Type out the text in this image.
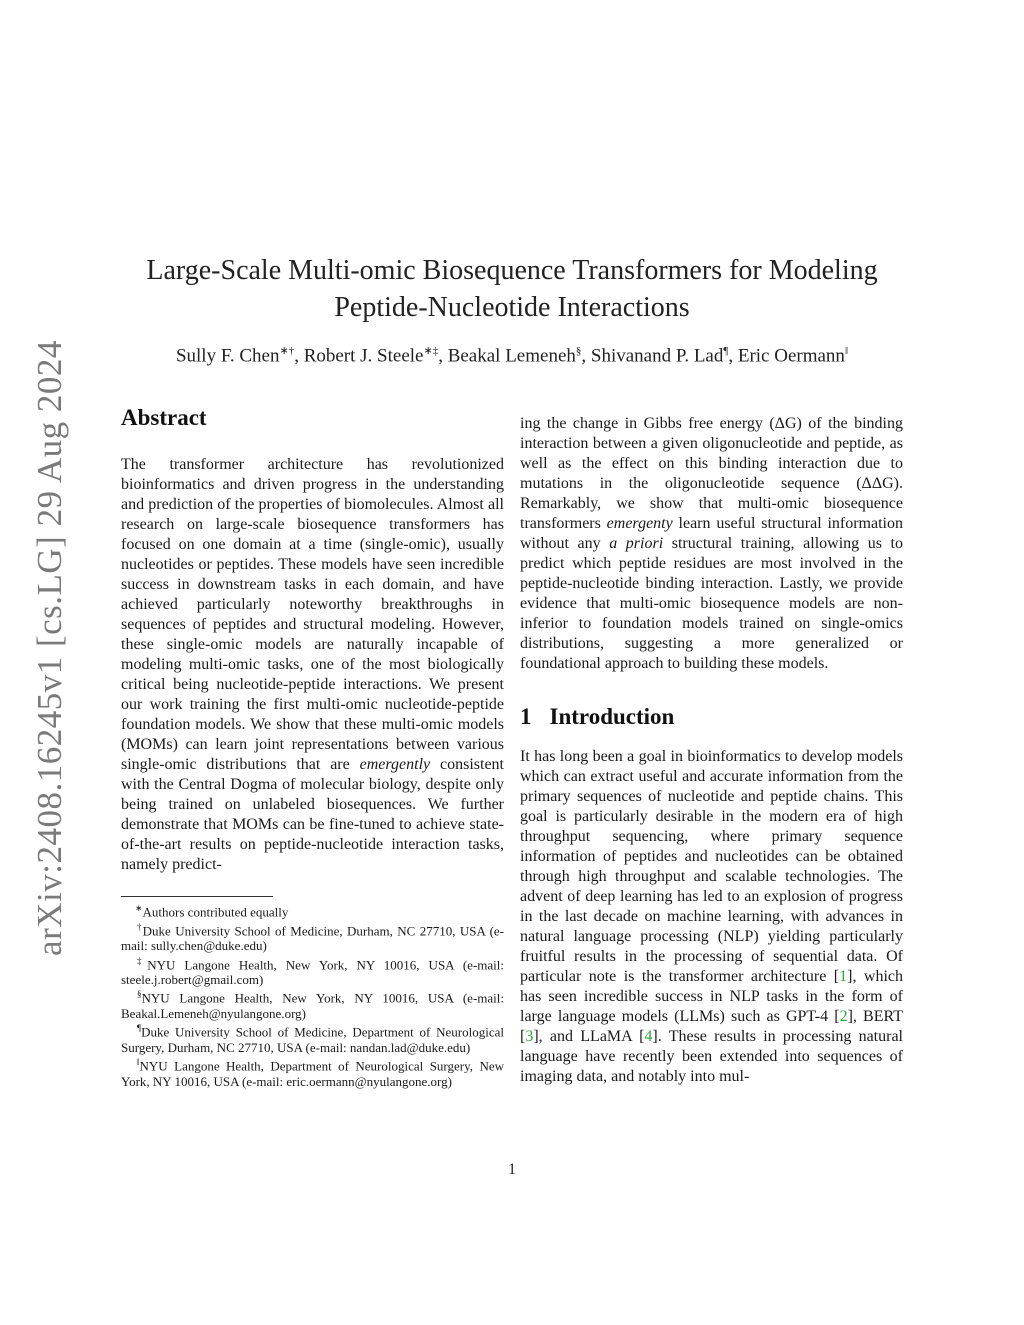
arXiv:2408.16245v1 [cs.LG] 29 Aug 2024
Large-Scale Multi-omic Biosequence Transformers for Modeling
Peptide-Nucleotide Interactions
Sully F. Chen∗†, Robert J. Steele∗‡, Beakal Lemeneh§, Shivanand P. Lad¶, Eric Oermann‖
Abstract

The transformer architecture has revolutionized bioinformatics and driven progress in the understanding and prediction of the properties of biomolecules. Almost all research on large-scale biosequence transformers has focused on one domain at a time (single-omic), usually nucleotides or peptides. These models have seen incredible success in downstream tasks in each domain, and have achieved particularly noteworthy breakthroughs in sequences of peptides and structural modeling. However, these single-omic models are naturally incapable of modeling multi-omic tasks, one of the most biologically critical being nucleotide-peptide interactions. We present our work training the first multi-omic nucleotide-peptide foundation models. We show that these multi-omic models (MOMs) can learn joint representations between various single-omic distributions that are emergently consistent with the Central Dogma of molecular biology, despite only being trained on unlabeled biosequences. We further demonstrate that MOMs can be fine-tuned to achieve state-of-the-art results on peptide-nucleotide interaction tasks, namely predict-

∗Authors contributed equally
†Duke University School of Medicine, Durham, NC 27710, USA (e-mail: sully.chen@duke.edu)
‡NYU Langone Health, New York, NY 10016, USA (e-mail: steele.j.robert@gmail.com)
§NYU Langone Health, New York, NY 10016, USA (e-mail: Beakal.Lemeneh@nyulangone.org)
¶Duke University School of Medicine, Department of Neurological Surgery, Durham, NC 27710, USA (e-mail: nandan.lad@duke.edu)
‖NYU Langone Health, Department of Neurological Surgery, New York, NY 10016, USA (e-mail: eric.oermann@nyulangone.org)

ing the change in Gibbs free energy (ΔG) of the binding interaction between a given oligonucleotide and peptide, as well as the effect on this binding interaction due to mutations in the oligonucleotide sequence (ΔΔG). Remarkably, we show that multi-omic biosequence transformers emergenty learn useful structural information without any a priori structural training, allowing us to predict which peptide residues are most involved in the peptide-nucleotide binding interaction. Lastly, we provide evidence that multi-omic biosequence models are non-inferior to foundation models trained on single-omics distributions, suggesting a more generalized or foundational approach to building these models.

1 Introduction

It has long been a goal in bioinformatics to develop models which can extract useful and accurate information from the primary sequences of nucleotide and peptide chains. This goal is particularly desirable in the modern era of high throughput sequencing, where primary sequence information of peptides and nucleotides can be obtained through high throughput and scalable technologies. The advent of deep learning has led to an explosion of progress in the last decade on machine learning, with advances in natural language processing (NLP) yielding particularly fruitful results in the processing of sequential data. Of particular note is the transformer architecture [1], which has seen incredible success in NLP tasks in the form of large language models (LLMs) such as GPT-4 [2], BERT [3], and LLaMA [4]. These results in processing natural language have recently been extended into sequences of imaging data, and notably into mul-

1
